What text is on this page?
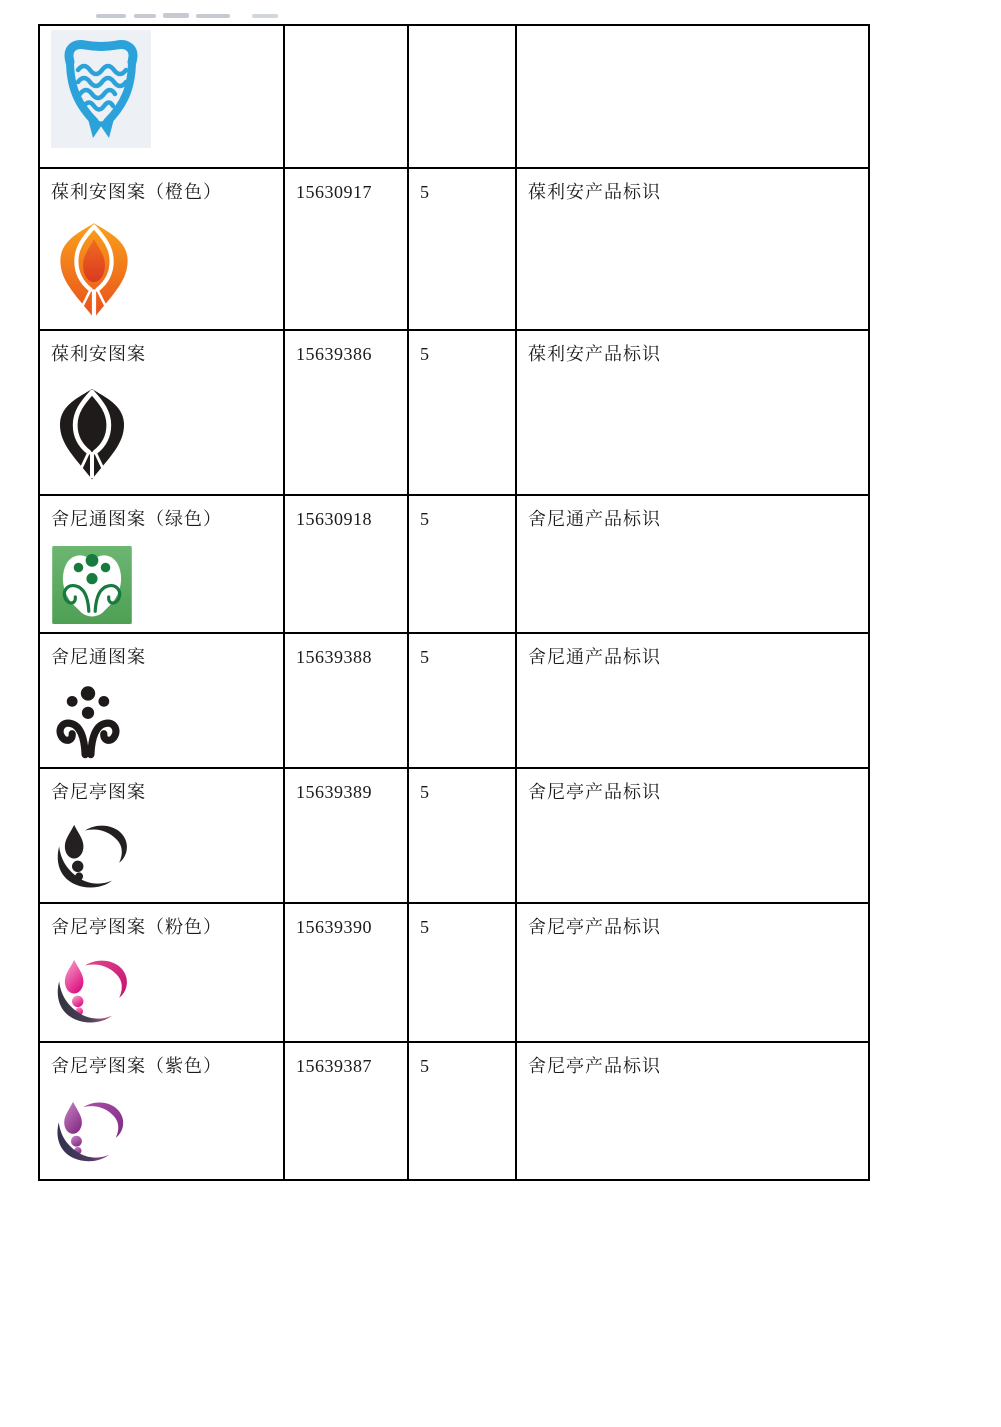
葆利安图案（橙色）	15630917	5	葆利安产品标识

葆利安图案	15639386	5	葆利安产品标识

舍尼通图案（绿色）	15630918	5	舍尼通产品标识

舍尼通图案	15639388	5	舍尼通产品标识

舍尼亭图案	15639389	5	舍尼亭产品标识

舍尼亭图案（粉色）	15639390	5	舍尼亭产品标识

舍尼亭图案（紫色）	15639387	5	舍尼亭产品标识
